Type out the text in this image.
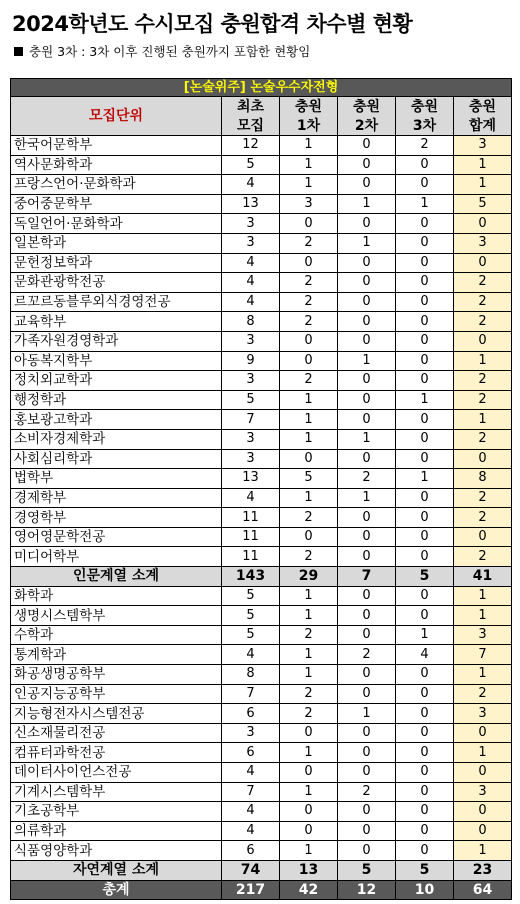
2024학년도 수시모집 충원합격 차수별 현황
충원 3차 : 3차 이후 진행된 충원까지 포함한 현황임
[논술위주] 논술우수자전형					
모집단위	최초	충원	충원	충원	충원
	모집	1차	2차	3차	합계
한국어문학부	12	1	0	2	3
역사문화학과	5	1	0	0	1
프랑스언어·문화학과	4	1	0	0	1
중어중문학부	13	3	1	1	5
독일언어·문화학과	3	0	0	0	0
일본학과	3	2	1	0	3
문헌정보학과	4	0	0	0	0
문화관광학전공	4	2	0	0	2
르꼬르동블루외식경영전공	4	2	0	0	2
교육학부	8	2	0	0	2
가족자원경영학과	3	0	0	0	0
아동복지학부	9	0	1	0	1
정치외교학과	3	2	0	0	2
행정학과	5	1	0	1	2
홍보광고학과	7	1	0	0	1
소비자경제학과	3	1	1	0	2
사회심리학과	3	0	0	0	0
법학부	13	5	2	1	8
경제학부	4	1	1	0	2
경영학부	11	2	0	0	2
영어영문학전공	11	0	0	0	0
미디어학부	11	2	0	0	2
인문계열 소계	143	29	7	5	41
화학과	5	1	0	0	1
생명시스템학부	5	1	0	0	1
수학과	5	2	0	1	3
통계학과	4	1	2	4	7
화공생명공학부	8	1	0	0	1
인공지능공학부	7	2	0	0	2
지능형전자시스템전공	6	2	1	0	3
신소재물리전공	3	0	0	0	0
컴퓨터과학전공	6	1	0	0	1
데이터사이언스전공	4	0	0	0	0
기계시스템학부	7	1	2	0	3
기초공학부	4	0	0	0	0
의류학과	4	0	0	0	0
식품영양학과	6	1	0	0	1
자연계열 소계	74	13	5	5	23
총계	217	42	12	10	64
